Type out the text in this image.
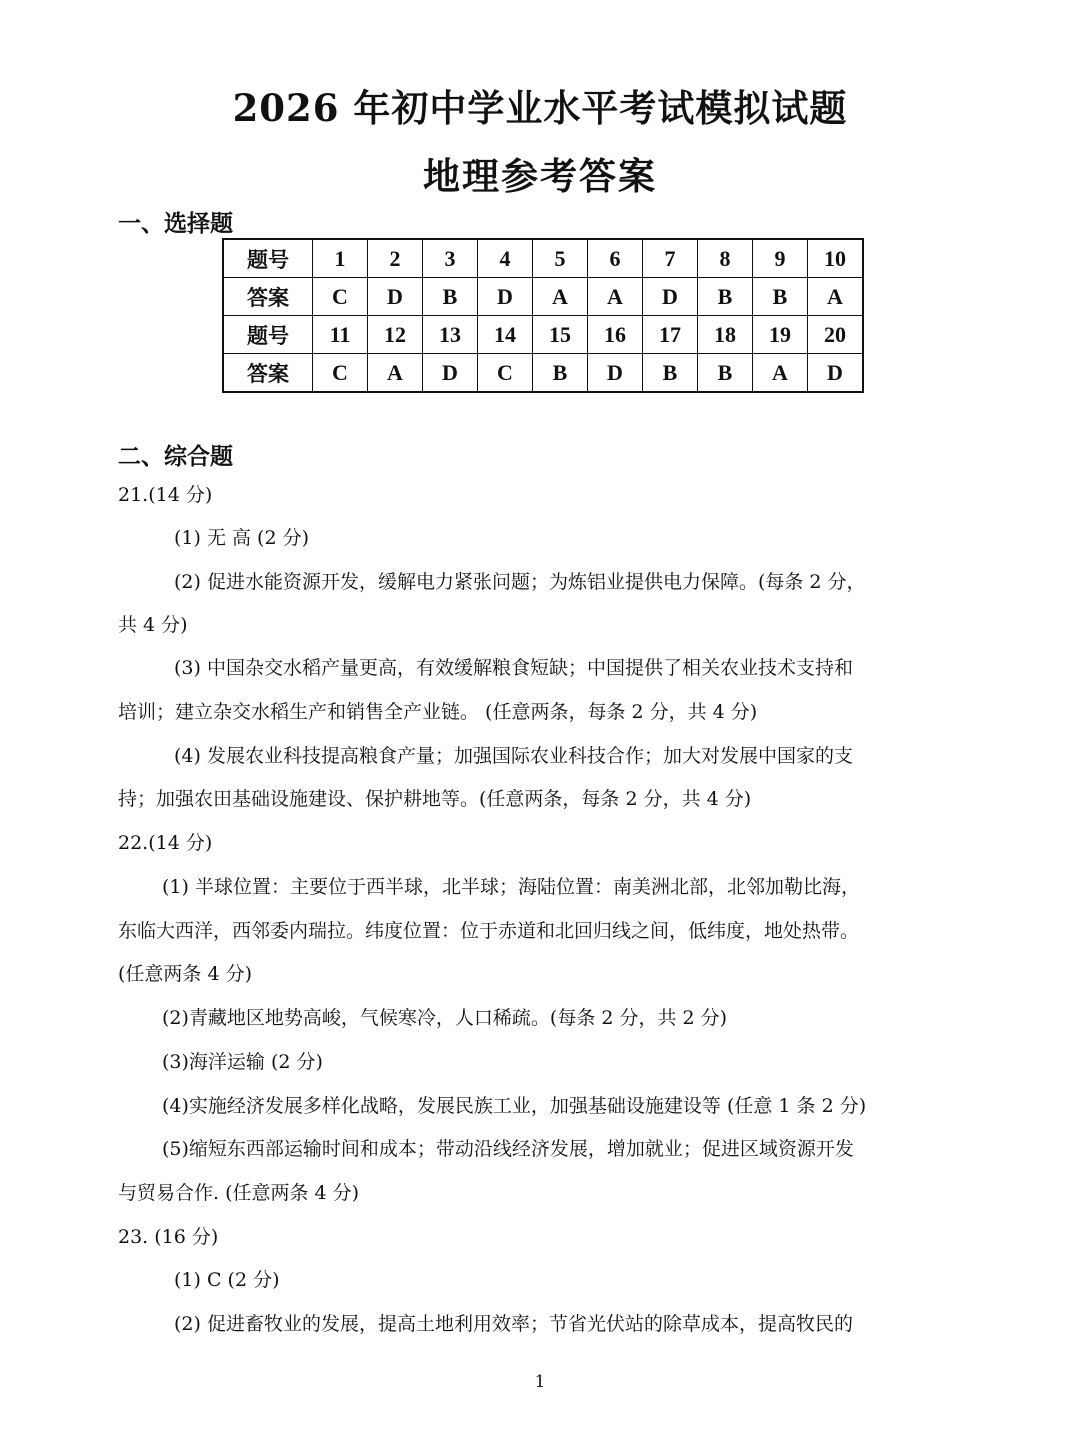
2026 年初中学业水平考试模拟试题
地理参考答案
一、选择题
题号	1	2	3	4	5	6	7	8	9	10
答案	C	D	B	D	A	A	D	B	B	A
题号	11	12	13	14	15	16	17	18	19	20
答案	C	A	D	C	B	D	B	B	A	D
二、综合题
21.(14 分)
(1) 无 高 (2 分)
(2) 促进水能资源开发，缓解电力紧张问题；为炼铝业提供电力保障。(每条 2 分，
共 4 分)
(3) 中国杂交水稻产量更高，有效缓解粮食短缺；中国提供了相关农业技术支持和
培训；建立杂交水稻生产和销售全产业链。 (任意两条，每条 2 分，共 4 分)
(4) 发展农业科技提高粮食产量；加强国际农业科技合作；加大对发展中国家的支
持；加强农田基础设施建设、保护耕地等。(任意两条，每条 2 分，共 4 分)
22.(14 分)
(1) 半球位置：主要位于西半球，北半球；海陆位置：南美洲北部，北邻加勒比海，
东临大西洋，西邻委内瑞拉。纬度位置：位于赤道和北回归线之间，低纬度，地处热带。
(任意两条 4 分)
(2)青藏地区地势高峻，气候寒冷，人口稀疏。(每条 2 分，共 2 分)
(3)海洋运输 (2 分)
(4)实施经济发展多样化战略，发展民族工业，加强基础设施建设等 (任意 1 条 2 分)
(5)缩短东西部运输时间和成本；带动沿线经济发展，增加就业；促进区域资源开发
与贸易合作. (任意两条 4 分)
23. (16 分)
(1) C (2 分)
(2) 促进畜牧业的发展，提高土地利用效率；节省光伏站的除草成本，提高牧民的
1
